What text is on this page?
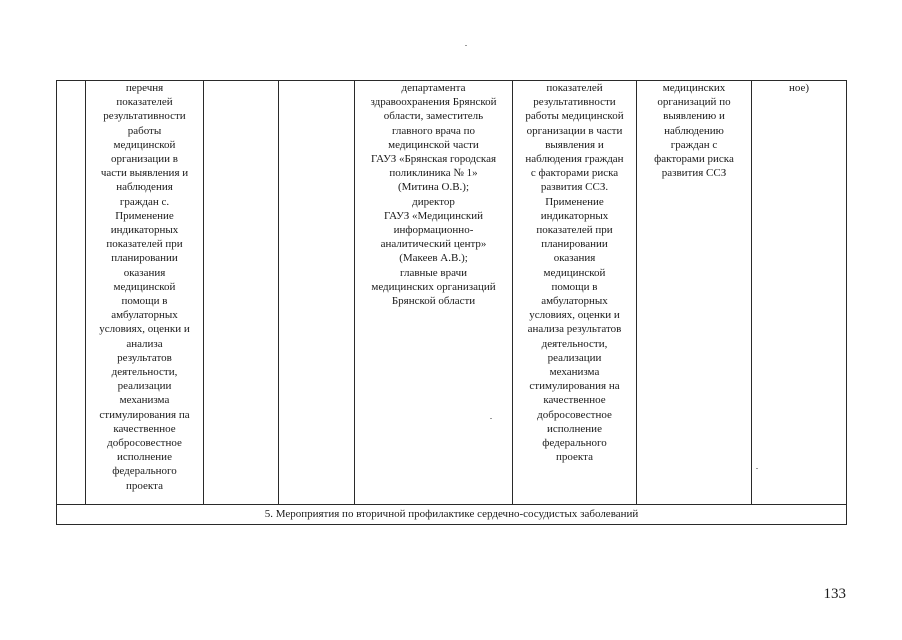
	перечня
показателей
результативности
работы
медицинской
организации в
части выявления и
наблюдения
граждан с.
Применение
индикаторных
показателей при
планировании
оказания
медицинской
помощи в
амбулаторных
условиях, оценки и
анализа
результатов
деятельности,
реализации
механизма
стимулирования па
качественное
добросовестное
исполнение
федерального
проекта			департамента
здравоохранения Брянской
области, заместитель
главного врача по
медицинской части
ГАУЗ «Брянская городская
поликлиника № 1»
(Митина О.В.);
директор
ГАУЗ «Медицинский
информационно-
аналитический центр»
(Макеев А.В.);
главные врачи
медицинских организаций
Брянской области	показателей
результативности
работы медицинской
организации в части
выявления и
наблюдения граждан
с факторами риска
развития ССЗ.
Применение
индикаторных
показателей при
планировании
оказания
медицинской
помощи в
амбулаторных
условиях, оценки и
анализа результатов
деятельности,
реализации
механизма
стимулирования на
качественное
добросовестное
исполнение
федерального
проекта	медицинских
организаций по
выявлению и
наблюдению
граждан с
факторами риска
развития ССЗ	ное)
5. Мероприятия по вторичной профилактике сердечно-сосудистых заболеваний
133
